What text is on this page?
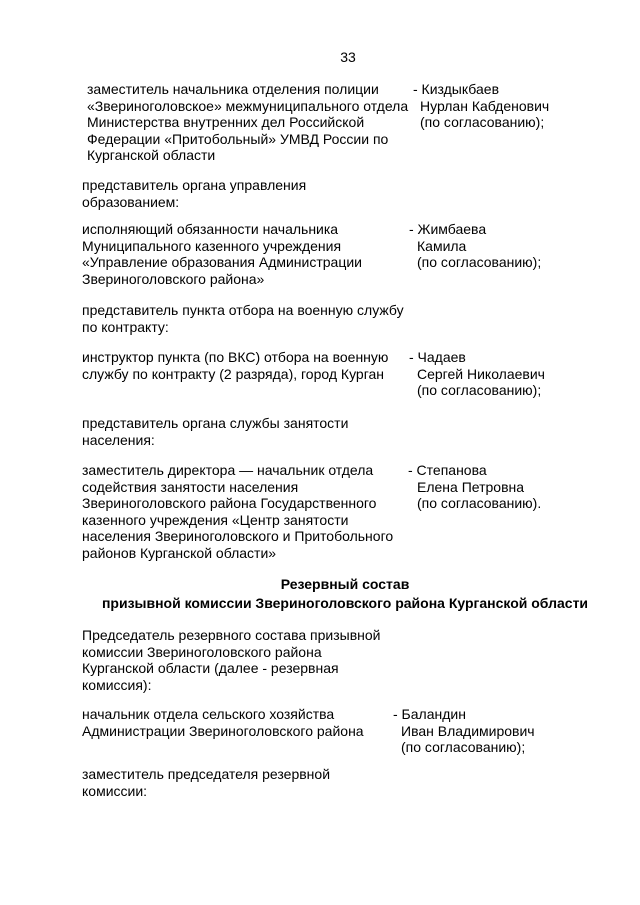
33
заместитель начальника отделения полиции
«Звериноголовское» межмуниципального отдела
Министерства внутренних дел Российской
Федерации «Притобольный» УМВД России по
Курганской области
- Киздыкбаев
Нурлан Кабденович
(по согласованию);
представитель органа управления
образованием:
исполняющий обязанности начальника
Муниципального казенного учреждения
«Управление образования Администрации
Звериноголовского района»
- Жимбаева
Камила
(по согласованию);
представитель пункта отбора на военную службу
по контракту:
инструктор пункта (по ВКС) отбора на военную
службу по контракту (2 разряда), город Курган
- Чадаев
Сергей Николаевич
(по согласованию);
представитель органа службы занятости
населения:
заместитель директора — начальник отдела
содействия занятости населения
Звериноголовского района Государственного
казенного учреждения «Центр занятости
населения Звериноголовского и Притобольного
районов Курганской области»
- Степанова
Елена Петровна
(по согласованию).
Резервный состав
призывной комиссии Звериноголовского района Курганской области
Председатель резервного состава призывной
комиссии Звериноголовского района
Курганской области (далее - резервная
комиссия):
начальник отдела сельского хозяйства
Администрации Звериноголовского района
- Баландин
Иван Владимирович
(по согласованию);
заместитель председателя резервной
комиссии:
